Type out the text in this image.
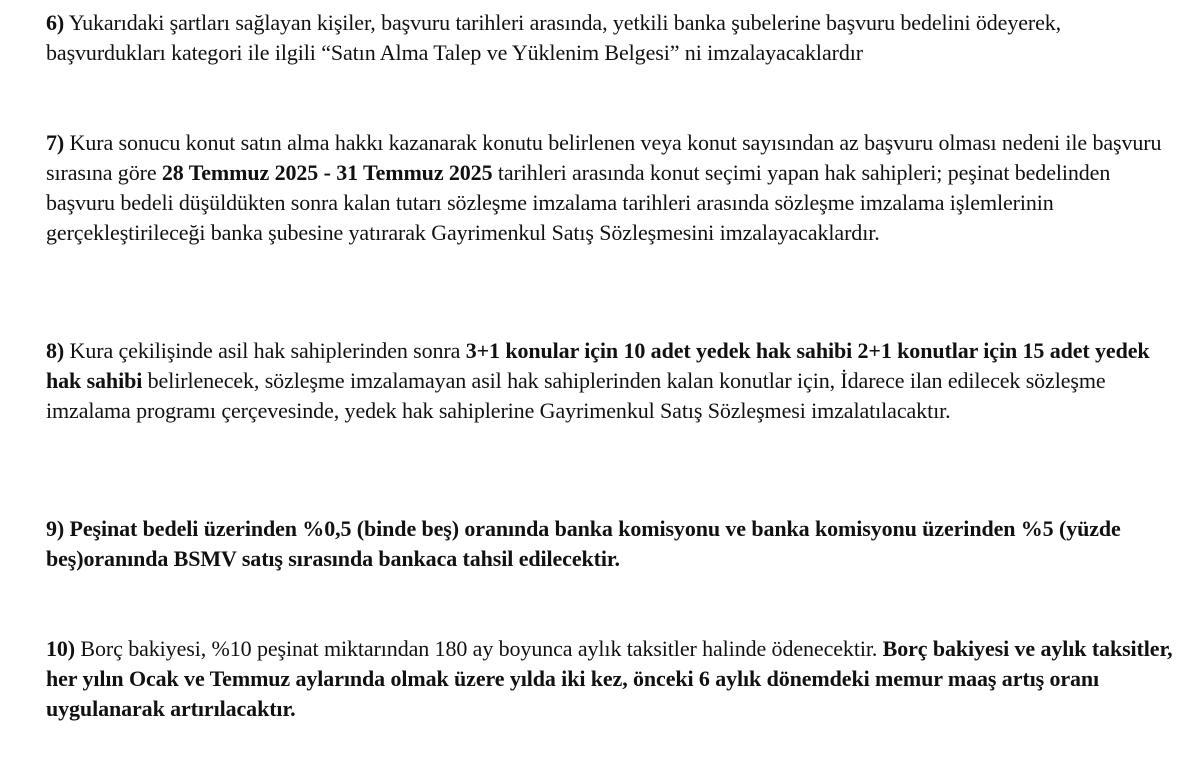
6) Yukarıdaki şartları sağlayan kişiler, başvuru tarihleri arasında, yetkili banka şubelerine başvuru bedelini ödeyerek, başvurdukları kategori ile ilgili “Satın Alma Talep ve Yüklenim Belgesi” ni imzalayacaklardır

7) Kura sonucu konut satın alma hakkı kazanarak konutu belirlenen veya konut sayısından az başvuru olması nedeni ile başvuru sırasına göre 28 Temmuz 2025 - 31 Temmuz 2025 tarihleri arasında konut seçimi yapan hak sahipleri; peşinat bedelinden başvuru bedeli düşüldükten sonra kalan tutarı sözleşme imzalama tarihleri arasında sözleşme imzalama işlemlerinin gerçekleştirileceği banka şubesine yatırarak Gayrimenkul Satış Sözleşmesini imzalayacaklardır.

8) Kura çekilişinde asil hak sahiplerinden sonra 3+1 konular için 10 adet yedek hak sahibi 2+1 konutlar için 15 adet yedek hak sahibi belirlenecek, sözleşme imzalamayan asil hak sahiplerinden kalan konutlar için, İdarece ilan edilecek sözleşme imzalama programı çerçevesinde, yedek hak sahiplerine Gayrimenkul Satış Sözleşmesi imzalatılacaktır.

9) Peşinat bedeli üzerinden %0,5 (binde beş) oranında banka komisyonu ve banka komisyonu üzerinden %5 (yüzde beş)oranında BSMV satış sırasında bankaca tahsil edilecektir.

10) Borç bakiyesi, %10 peşinat miktarından 180 ay boyunca aylık taksitler halinde ödenecektir. Borç bakiyesi ve aylık taksitler, her yılın Ocak ve Temmuz aylarında olmak üzere yılda iki kez, önceki 6 aylık dönemdeki memur maaş artış oranı uygulanarak artırılacaktır.
